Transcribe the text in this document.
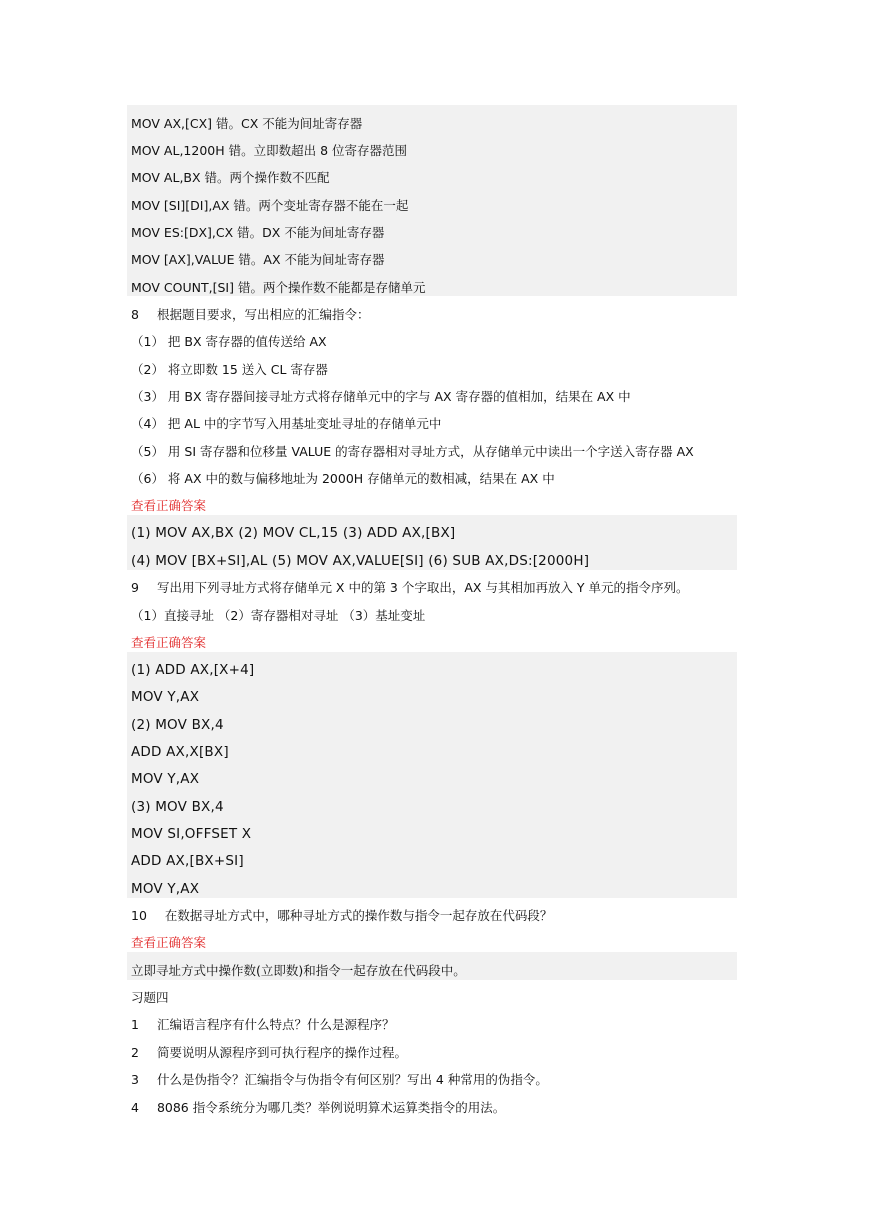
MOV AX,[CX] 错。CX 不能为间址寄存器
MOV AL,1200H 错。立即数超出 8 位寄存器范围
MOV AL,BX 错。两个操作数不匹配
MOV [SI][DI],AX 错。两个变址寄存器不能在一起
MOV ES:[DX],CX 错。DX 不能为间址寄存器
MOV [AX],VALUE 错。AX 不能为间址寄存器
MOV COUNT,[SI] 错。两个操作数不能都是存储单元
8 根据题目要求，写出相应的汇编指令：
（1） 把 BX 寄存器的值传送给 AX
（2） 将立即数 15 送入 CL 寄存器
（3） 用 BX 寄存器间接寻址方式将存储单元中的字与 AX 寄存器的值相加，结果在 AX 中
（4） 把 AL 中的字节写入用基址变址寻址的存储单元中
（5） 用 SI 寄存器和位移量 VALUE 的寄存器相对寻址方式，从存储单元中读出一个字送入寄存器 AX
（6） 将 AX 中的数与偏移地址为 2000H 存储单元的数相减，结果在 AX 中
查看正确答案
(1) MOV AX,BX (2) MOV CL,15 (3) ADD AX,[BX]
(4) MOV [BX+SI],AL (5) MOV AX,VALUE[SI] (6) SUB AX,DS:[2000H]
9 写出用下列寻址方式将存储单元 X 中的第 3 个字取出，AX 与其相加再放入 Y 单元的指令序列。
（1）直接寻址 （2）寄存器相对寻址 （3）基址变址
查看正确答案
(1) ADD AX,[X+4]
MOV Y,AX
(2) MOV BX,4
ADD AX,X[BX]
MOV Y,AX
(3) MOV BX,4
MOV SI,OFFSET X
ADD AX,[BX+SI]
MOV Y,AX
10 在数据寻址方式中，哪种寻址方式的操作数与指令一起存放在代码段？
查看正确答案
立即寻址方式中操作数(立即数)和指令一起存放在代码段中。
习题四
1 汇编语言程序有什么特点？什么是源程序？
2 简要说明从源程序到可执行程序的操作过程。
3 什么是伪指令？汇编指令与伪指令有何区别？写出 4 种常用的伪指令。
4 8086 指令系统分为哪几类？举例说明算术运算类指令的用法。
